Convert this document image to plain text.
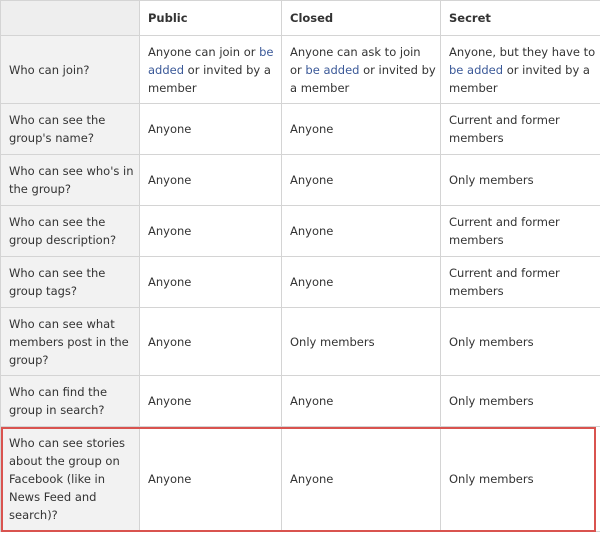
	Public	Closed	Secret
Who can join?	Anyone can join or be added or invited by a member	Anyone can ask to join or be added or invited by a member	Anyone, but they have to be added or invited by a member
Who can see the group's name?	Anyone	Anyone	Current and former members
Who can see who's in the group?	Anyone	Anyone	Only members
Who can see the group description?	Anyone	Anyone	Current and former members
Who can see the group tags?	Anyone	Anyone	Current and former members
Who can see what members post in the group?	Anyone	Only members	Only members
Who can find the group in search?	Anyone	Anyone	Only members
Who can see stories about the group on Facebook (like in News Feed and search)?	Anyone	Anyone	Only members
